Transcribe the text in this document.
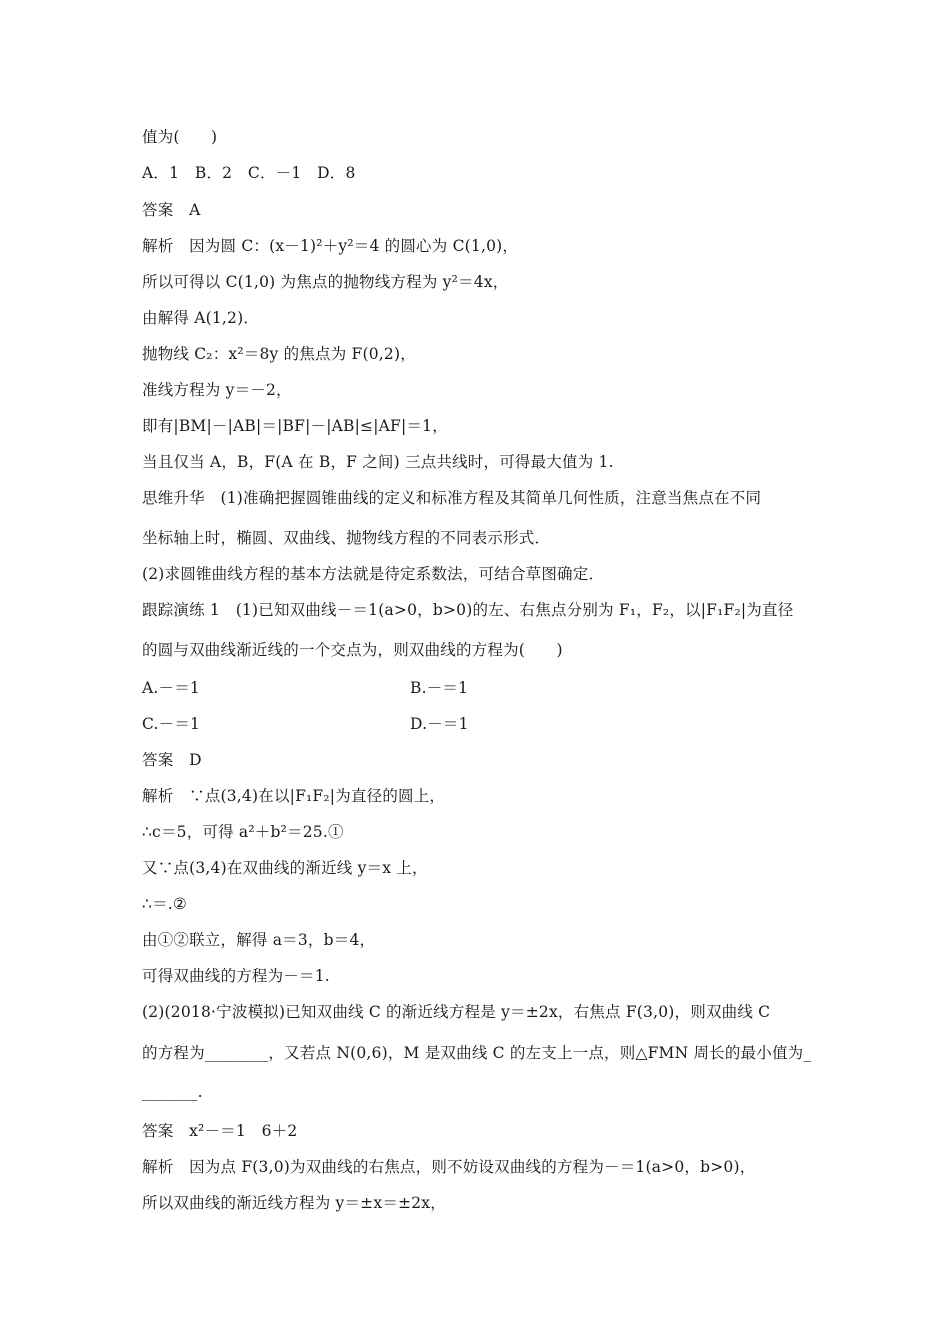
值为(　　)
A．1　B．2　C．－1　D．8
答案　A
解析　因为圆 C：(x－1)²＋y²＝4 的圆心为 C(1,0)，
所以可得以 C(1,0) 为焦点的抛物线方程为 y²＝4x，
由解得 A(1,2)．
抛物线 C₂：x²＝8y 的焦点为 F(0,2)，
准线方程为 y＝－2，
即有|BM|－|AB|＝|BF|－|AB|≤|AF|＝1，
当且仅当 A，B，F(A 在 B，F 之间) 三点共线时，可得最大值为 1.
思维升华　(1)准确把握圆锥曲线的定义和标准方程及其简单几何性质，注意当焦点在不同
坐标轴上时，椭圆、双曲线、抛物线方程的不同表示形式．
(2)求圆锥曲线方程的基本方法就是待定系数法，可结合草图确定．
跟踪演练 1　(1)已知双曲线－＝1(a>0，b>0)的左、右焦点分别为 F₁，F₂，以|F₁F₂|为直径
的圆与双曲线渐近线的一个交点为，则双曲线的方程为(　　)
A.－＝1	B.－＝1
C.－＝1	D.－＝1
答案　D
解析　∵点(3,4)在以|F₁F₂|为直径的圆上，
∴c＝5，可得 a²＋b²＝25.①
又∵点(3,4)在双曲线的渐近线 y＝x 上，
∴＝.②
由①②联立，解得 a＝3，b＝4，
可得双曲线的方程为－＝1.
(2)(2018·宁波模拟)已知双曲线 C 的渐近线方程是 y＝±2x，右焦点 F(3,0)，则双曲线 C
的方程为________，又若点 N(0,6)，M 是双曲线 C 的左支上一点，则△FMN 周长的最小值为_
_______.
答案　x²－＝1　6＋2
解析　因为点 F(3,0)为双曲线的右焦点，则不妨设双曲线的方程为－＝1(a>0，b>0)，
所以双曲线的渐近线方程为 y＝±x＝±2x，
